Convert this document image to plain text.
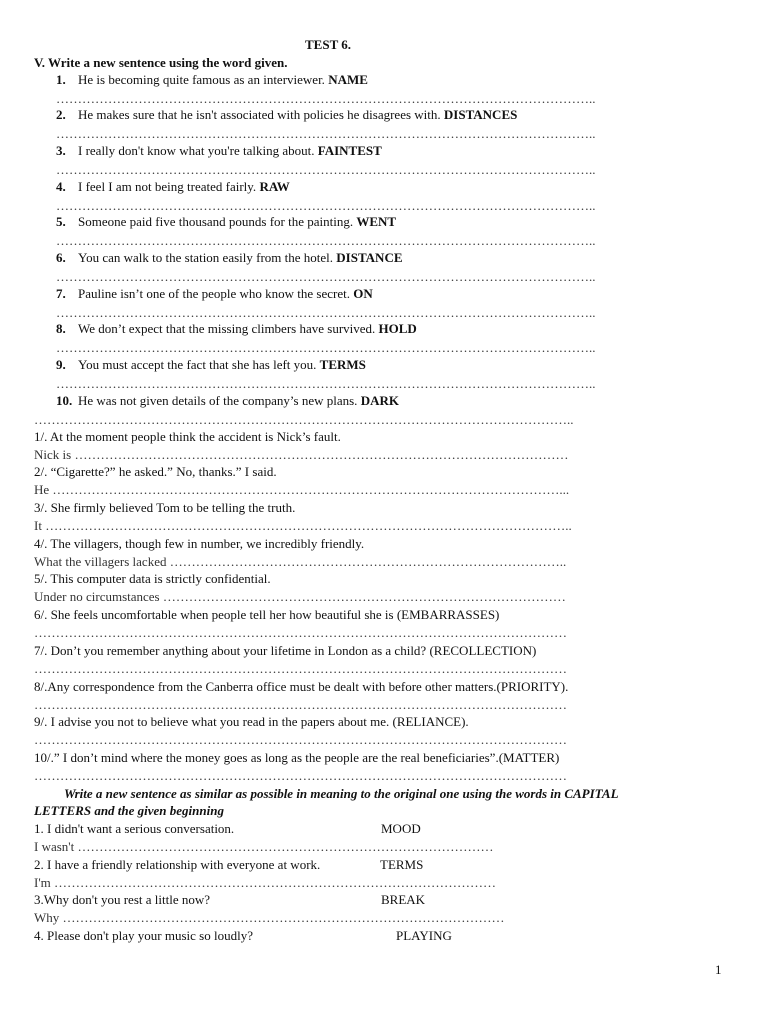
TEST 6.
V. Write a new sentence using the word given.
1. He is becoming quite famous as an interviewer. NAME
……………………………………………………………………………………………………………..
2. He makes sure that he isn't associated with policies he disagrees with. DISTANCES
……………………………………………………………………………………………………………..
3. I really don't know what you're talking about. FAINTEST
……………………………………………………………………………………………………………..
4. I feel I am not being treated fairly. RAW
……………………………………………………………………………………………………………..
5. Someone paid five thousand pounds for the painting. WENT
……………………………………………………………………………………………………………..
6. You can walk to the station easily from the hotel. DISTANCE
……………………………………………………………………………………………………………..
7. Pauline isn’t one of the people who know the secret. ON
……………………………………………………………………………………………………………..
8. We don’t expect that the missing climbers have survived. HOLD
……………………………………………………………………………………………………………..
9. You must accept the fact that she has left you. TERMS
……………………………………………………………………………………………………………..
10. He was not given details of the company’s new plans. DARK
……………………………………………………………………………………………………………..
1/. At the moment people think the accident is Nick’s fault.
Nick is ……………………………………………………………………………………………………
2/. “Cigarette?” he asked.” No, thanks.” I said.
He ………………………………………………………………………………………………………...
3/. She firmly believed Tom to be telling the truth.
It …………………………………………………………………………………………………………..
4/. The villagers, though few in number, we incredibly friendly.
What the villagers lacked ………………………………………………………………………………..
5/. This computer data is strictly confidential.
Under no circumstances …………………………………………………………………………………
6/. She feels uncomfortable when people tell her how beautiful she is (EMBARRASSES)
……………………………………………………………………………………………………………
7/. Don’t you remember anything about your lifetime in London as a child? (RECOLLECTION)
……………………………………………………………………………………………………………
8/.Any correspondence from the Canberra office must be dealt with before other matters.(PRIORITY).
……………………………………………………………………………………………………………
9/. I advise you not to believe what you read in the papers about me. (RELIANCE).
……………………………………………………………………………………………………………
10/.” I don’t mind where the money goes as long as the people are the real beneficiaries”.(MATTER)
……………………………………………………………………………………………………………
Write a new sentence as similar as possible in meaning to the original one using the words in CAPITAL
LETTERS and the given beginning
1. I didn't want a serious conversation.	MOOD
I wasn't ……………………………………………………………………………………
2. I have a friendly relationship with everyone at work.	TERMS
I'm …………………………………………………………………………………………
3.Why don't you rest a little now?	BREAK
Why …………………………………………………………………………………………
4. Please don't play your music so loudly?	PLAYING
1
